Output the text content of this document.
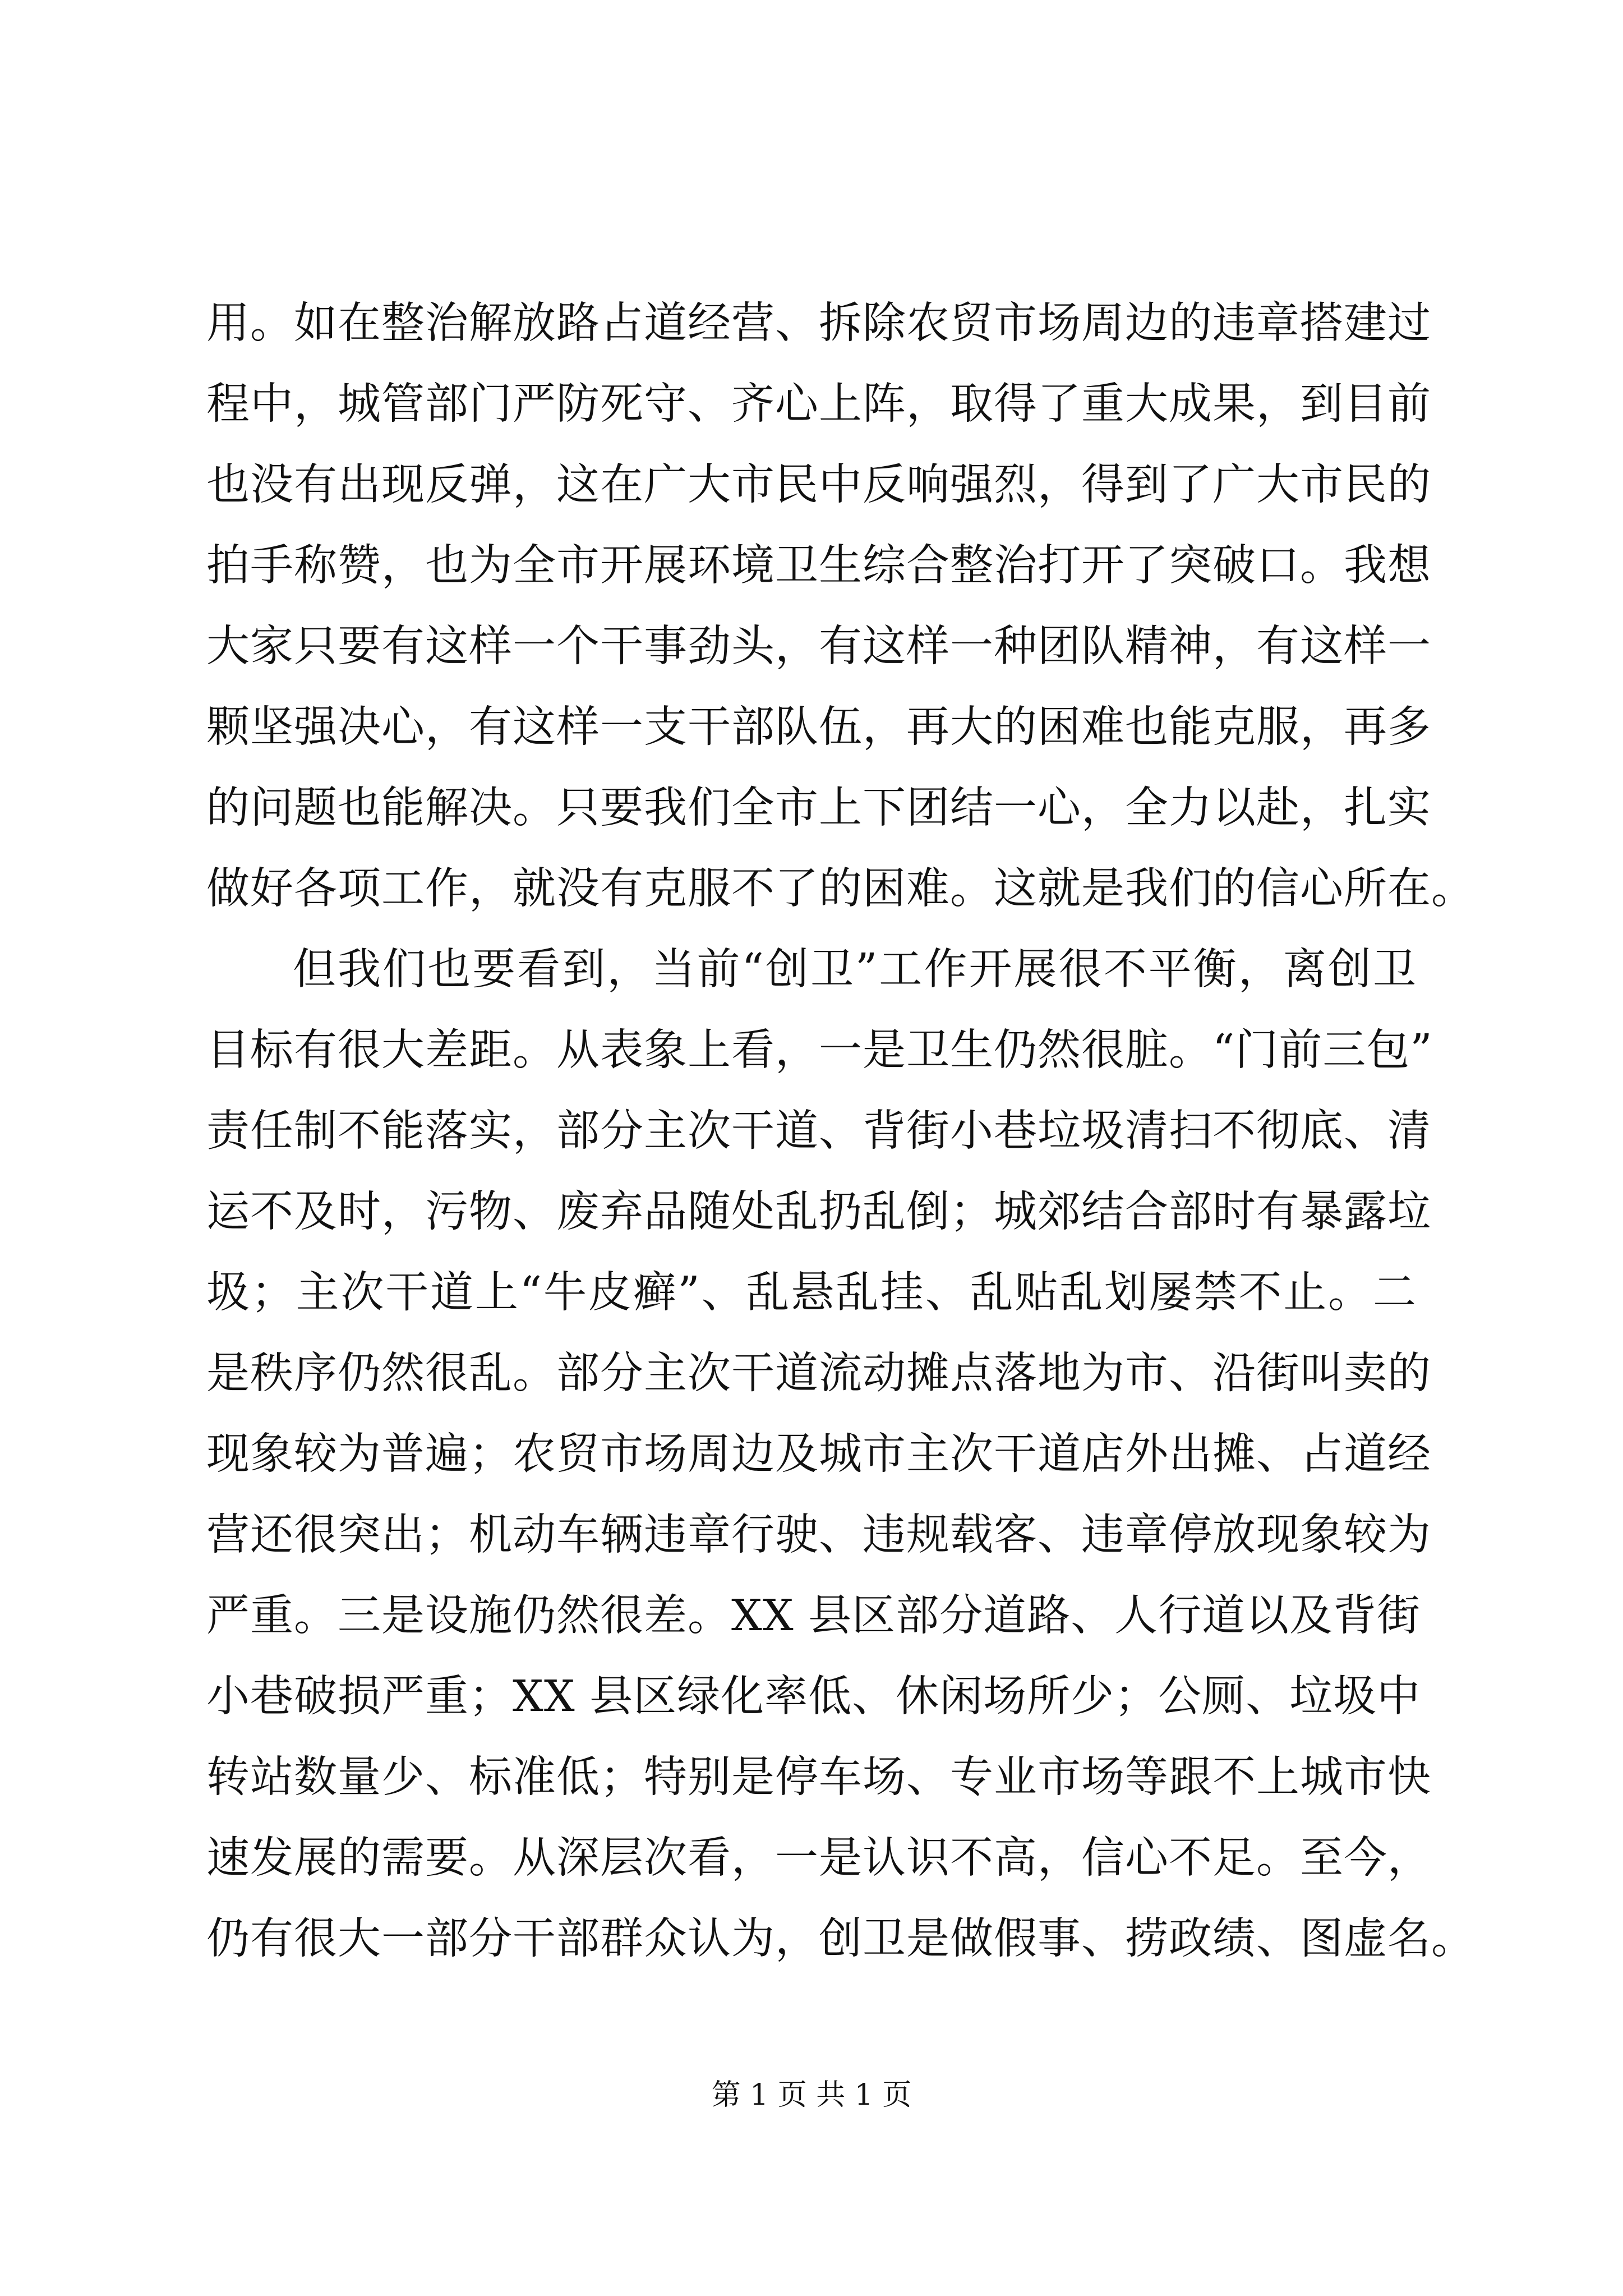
用。如在整治解放路占道经营、拆除农贸市场周边的违章搭建过
程中，城管部门严防死守、齐心上阵，取得了重大成果，到目前
也没有出现反弹，这在广大市民中反响强烈，得到了广大市民的
拍手称赞，也为全市开展环境卫生综合整治打开了突破口。我想
大家只要有这样一个干事劲头，有这样一种团队精神，有这样一
颗坚强决心，有这样一支干部队伍，再大的困难也能克服，再多
的问题也能解决。只要我们全市上下团结一心，全力以赴，扎实
做好各项工作，就没有克服不了的困难。这就是我们的信心所在。
但我们也要看到，当前“创卫”工作开展很不平衡，离创卫
目标有很大差距。从表象上看，一是卫生仍然很脏。“门前三包”
责任制不能落实，部分主次干道、背街小巷垃圾清扫不彻底、清
运不及时，污物、废弃品随处乱扔乱倒；城郊结合部时有暴露垃
圾；主次干道上“牛皮癣”、乱悬乱挂、乱贴乱划屡禁不止。二
是秩序仍然很乱。部分主次干道流动摊点落地为市、沿街叫卖的
现象较为普遍；农贸市场周边及城市主次干道店外出摊、占道经
营还很突出；机动车辆违章行驶、违规载客、违章停放现象较为
严重。三是设施仍然很差。XX 县区部分道路、人行道以及背街
小巷破损严重；XX 县区绿化率低、休闲场所少；公厕、垃圾中
转站数量少、标准低；特别是停车场、专业市场等跟不上城市快
速发展的需要。从深层次看，一是认识不高，信心不足。至今，
仍有很大一部分干部群众认为，创卫是做假事、捞政绩、图虚名。
第 1 页 共 1 页
